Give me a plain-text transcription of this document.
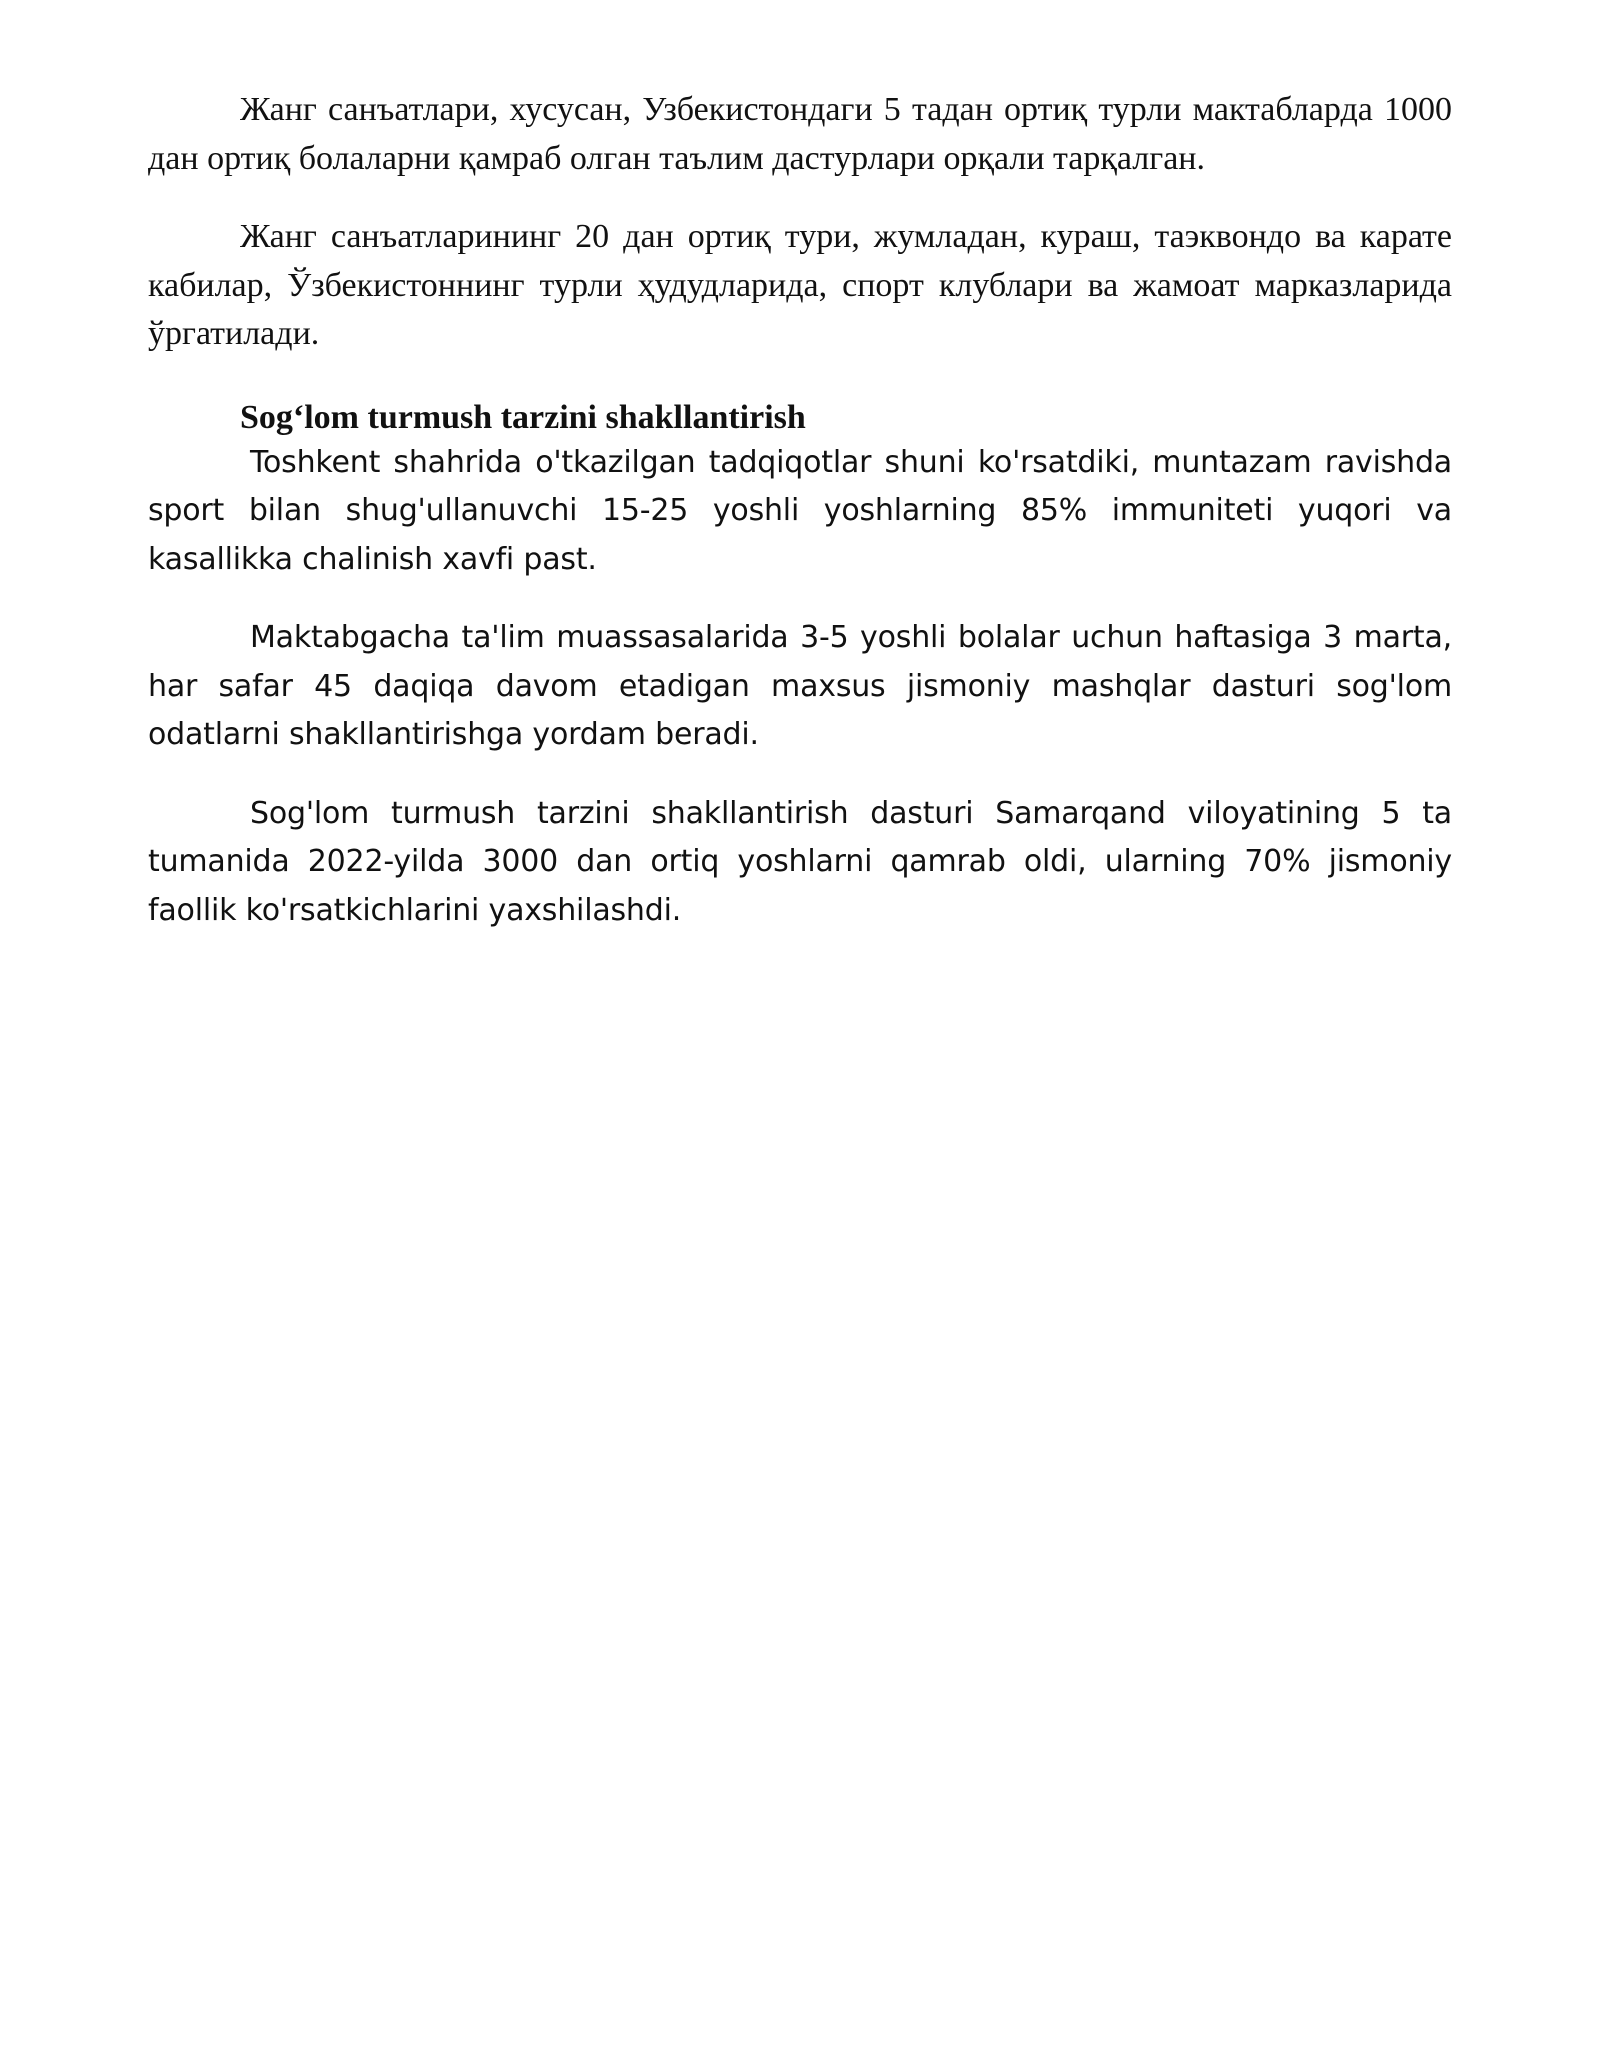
Жанг санъатлари, хусусан, Узбекистондаги 5 тадан ортиқ турли мактабларда 1000 дан ортиқ болаларни қамраб олган таълим дастурлари орқали тарқалган.

Жанг санъатларининг 20 дан ортиқ тури, жумладан, кураш, таэквондо ва карате кабилар, Ўзбекистоннинг турли ҳудудларида, спорт клублари ва жамоат марказларида ўргатилади.

Sog‘lom turmush tarzini shakllantirish

Toshkent shahrida o'tkazilgan tadqiqotlar shuni ko'rsatdiki, muntazam ravishda sport bilan shug'ullanuvchi 15-25 yoshli yoshlarning 85% immuniteti yuqori va kasallikka chalinish xavfi past.

Maktabgacha ta'lim muassasalarida 3-5 yoshli bolalar uchun haftasiga 3 marta, har safar 45 daqiqa davom etadigan maxsus jismoniy mashqlar dasturi sog'lom odatlarni shakllantirishga yordam beradi.

Sog'lom turmush tarzini shakllantirish dasturi Samarqand viloyatining 5 ta tumanida 2022-yilda 3000 dan ortiq yoshlarni qamrab oldi, ularning 70% jismoniy faollik ko'rsatkichlarini yaxshilashdi.
